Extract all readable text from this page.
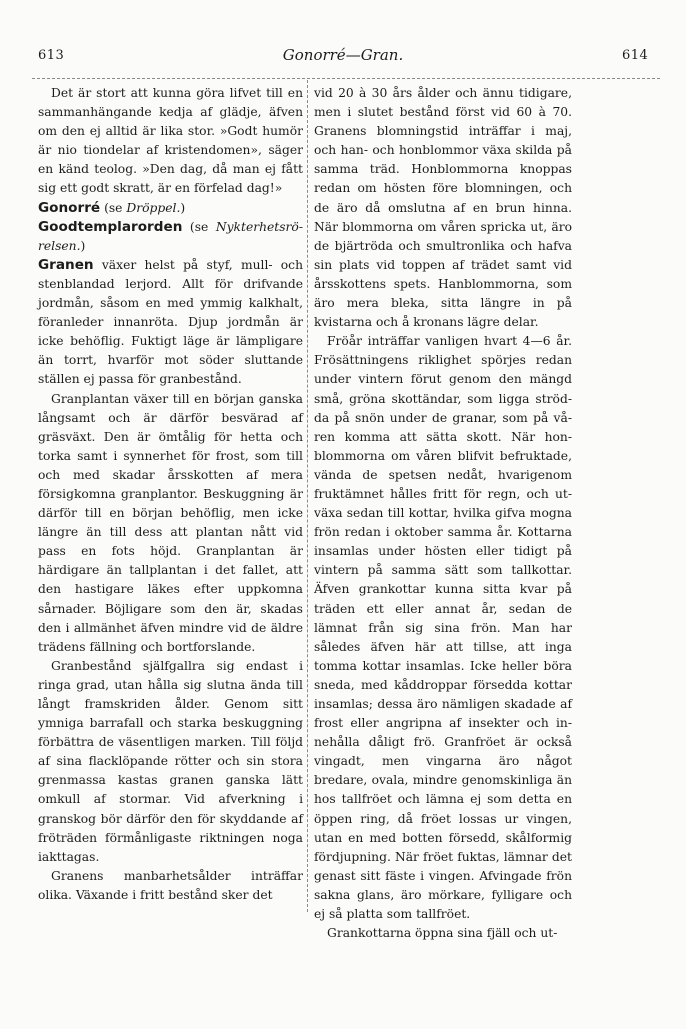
613	Gonorré—Gran.	614

Det är stort att kunna göra lifvet till en sammanhängande kedja af glädje, äfven om den ej alltid är lika stor. »Godt humör är nio tiondelar af kristendomen», säger en känd teolog. »Den dag, då man ej fått sig ett godt skratt, är en förfelad dag!»

Gonorré (se Dröppel.)

Goodtemplarorden (se Nykterhetsrörelsen.)

Granen växer helst på styf, mull- och stenblandad lerjord. Allt för drifvande jordmån, såsom en med ymmig kalkhalt, föranleder innanröta. Djup jordmån är icke behöflig. Fuktigt läge är lämpligare än torrt, hvarför mot söder sluttande ställen ej passa för granbestånd.

Granplantan växer till en början ganska långsamt och är därför besvärad af gräsväxt. Den är ömtålig för hetta och torka samt i synnerhet för frost, som till och med skadar årsskotten af mera försigkomna granplantor. Beskuggning är därför till en början behöflig, men icke längre än till dess att plantan nått vid pass en fots höjd. Granplantan är härdigare än tallplantan i det fallet, att den hastigare läkes efter uppkomna sårnader. Böjligare som den är, skadas den i allmänhet äfven mindre vid de äldre trädens fällning och bortforslande.

Granbestånd själfgallra sig endast i ringa grad, utan hålla sig slutna ända till långt framskriden ålder. Genom sitt ymniga barrafall och starka beskuggning förbättra de väsentligen marken. Till följd af sina flacklöpande rötter och sin stora grenmassa kastas granen ganska lätt omkull af stormar. Vid afverkning i granskog bör därför den för skyddande af fröträden förmånligaste riktningen noga iakttagas.

Granens manbarhetsålder inträffar olika. Växande i fritt bestånd sker det

vid 20 à 30 års ålder och ännu tidigare, men i slutet bestånd först vid 60 à 70. Granens blomningstid inträffar i maj, och han- och honblommor växa skilda på samma träd. Honblommorna knoppas redan om hösten före blomningen, och de äro då omslutna af en brun hinna. När blommorna om våren spricka ut, äro de bjärtröda och smultronlika och hafva sin plats vid toppen af trädet samt vid årsskottens spets. Hanblommorna, som äro mera bleka, sitta längre in på kvistarna och å kronans lägre delar.

Fröår inträffar vanligen hvart 4—6 år. Frösättningens riklighet spörjes redan under vintern förut genom den mängd små, gröna skottändar, som ligga strödda på snön under de granar, som på våren komma att sätta skott. När honblommorna om våren blifvit befruktade, vända de spetsen nedåt, hvarigenom fruktämnet hålles fritt för regn, och utväxa sedan till kottar, hvilka gifva mogna frön redan i oktober samma år. Kottarna insamlas under hösten eller tidigt på vintern på samma sätt som tallkottar. Äfven grankottar kunna sitta kvar på träden ett eller annat år, sedan de lämnat från sig sina frön. Man har således äfven här att tillse, att inga tomma kottar insamlas. Icke heller böra sneda, med kåddroppar försedda kottar insamlas; dessa äro nämligen skadade af frost eller angripna af insekter och innehålla dåligt frö. Granfröet är också vingadt, men vingarna äro något bredare, ovala, mindre genomskinliga än hos tallfröet och lämna ej som detta en öppen ring, då fröet lossas ur vingen, utan en med botten försedd, skålformig fördjupning. När fröet fuktas, lämnar det genast sitt fäste i vingen. Afvingade frön sakna glans, äro mörkare, fylligare och ej så platta som tallfröet.

Grankottarna öppna sina fjäll och ut-
